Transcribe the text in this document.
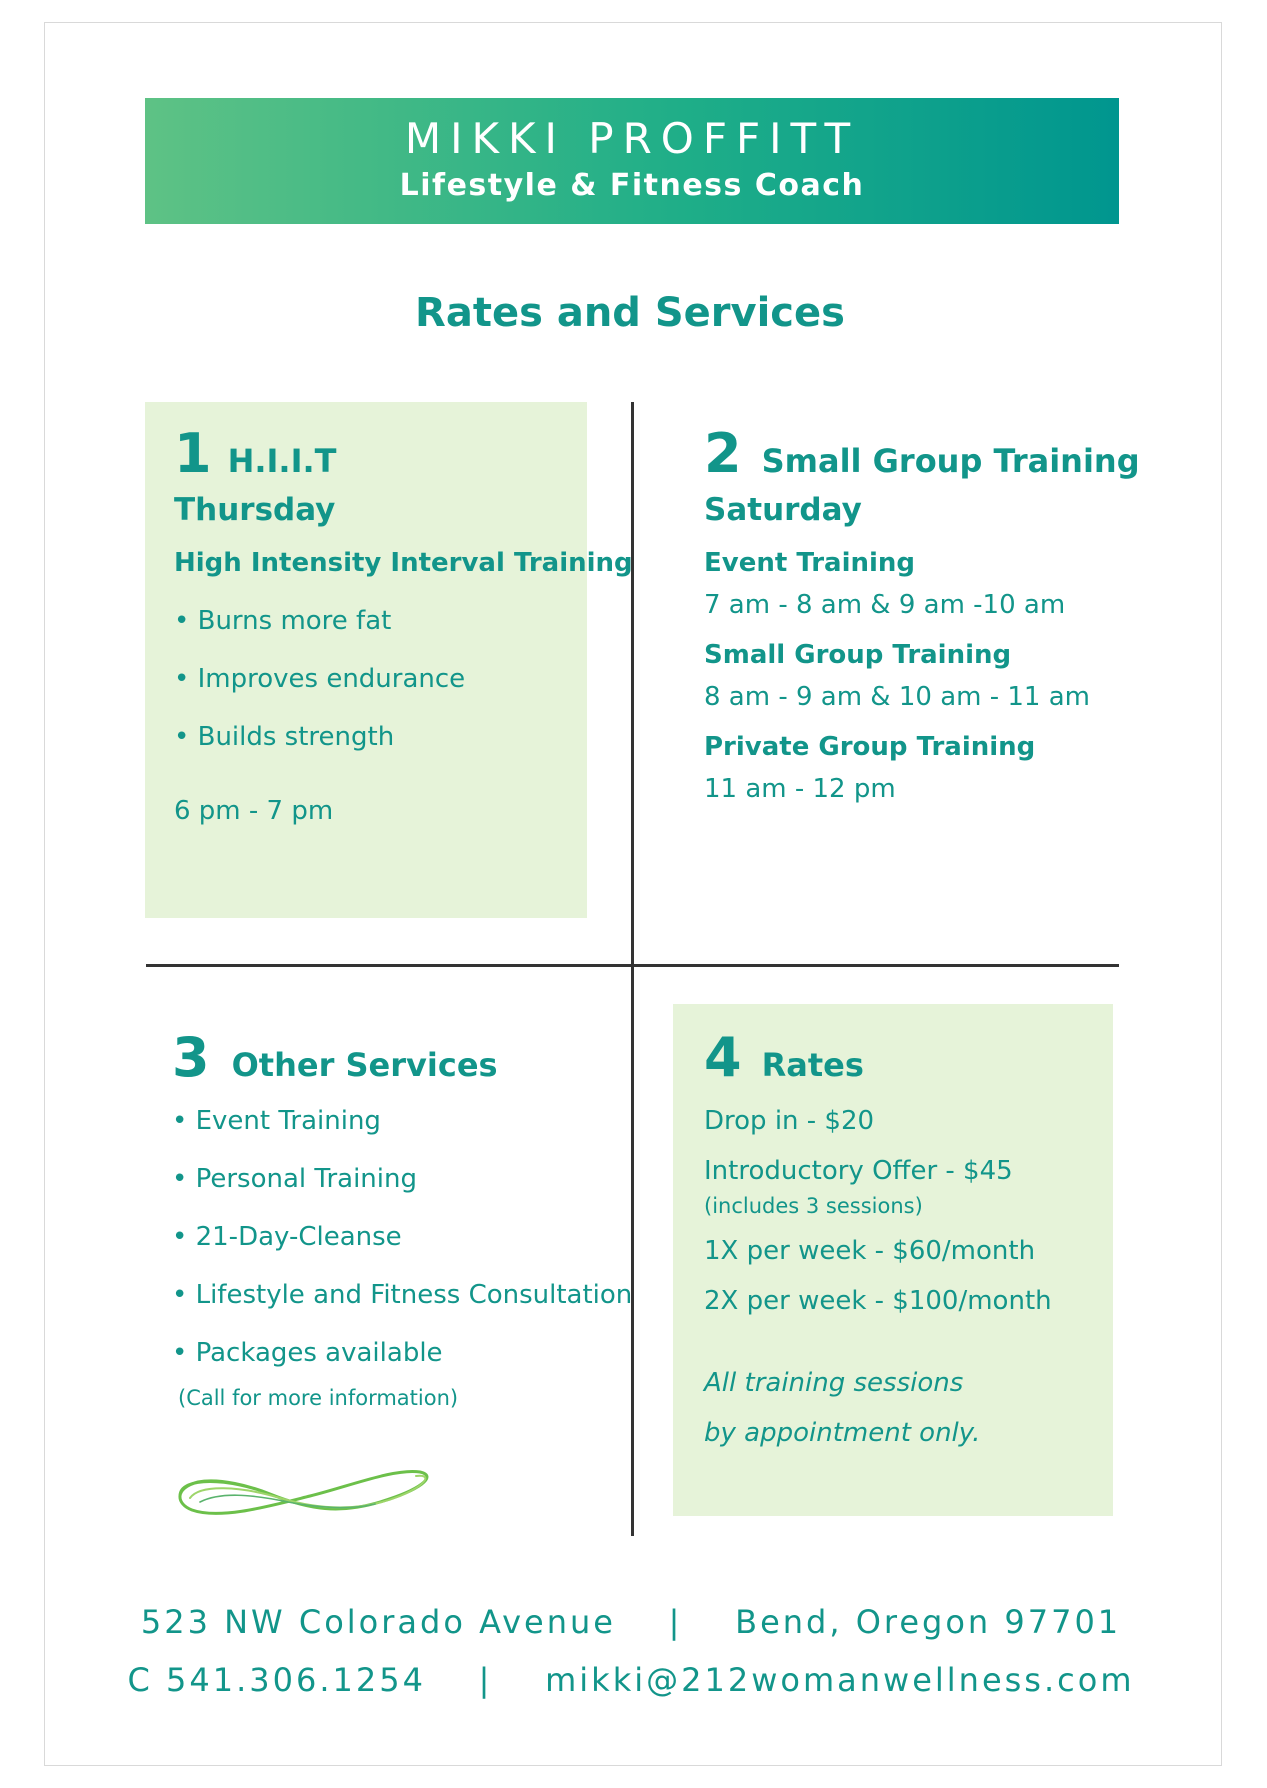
MIKKI PROFFITT
Lifestyle & Fitness Coach
Rates and Services
1 H.I.I.T
Thursday
High Intensity Interval Training
• Burns more fat
• Improves endurance
• Builds strength
6 pm - 7 pm
2 Small Group Training
Saturday
Event Training
7 am - 8 am & 9 am -10 am
Small Group Training
8 am - 9 am & 10 am - 11 am
Private Group Training
11 am - 12 pm
3 Other Services
• Event Training
• Personal Training
• 21-Day-Cleanse
• Lifestyle and Fitness Consultation
• Packages available
(Call for more information)
4 Rates
Drop in - $20
Introductory Offer - $45
(includes 3 sessions)
1X per week - $60/month
2X per week - $100/month
All training sessions
by appointment only.
523 NW Colorado Avenue    |    Bend, Oregon 97701
C 541.306.1254    |    mikki@212womanwellness.com
